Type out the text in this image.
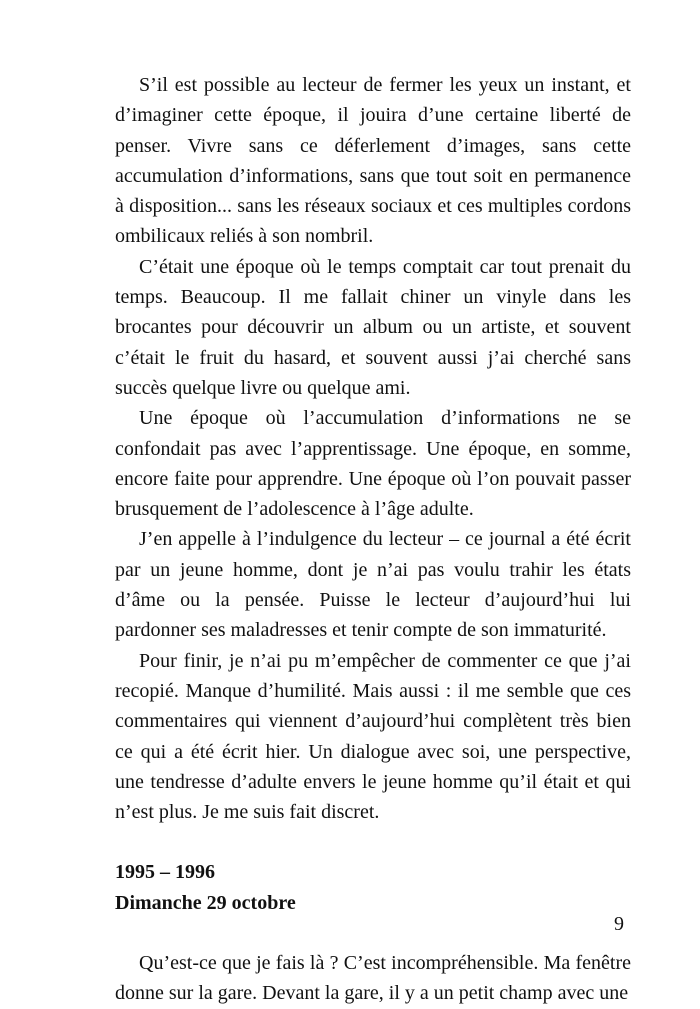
S’il est possible au lecteur de fermer les yeux un instant, et d’imaginer cette époque, il jouira d’une certaine liberté de penser. Vivre sans ce déferlement d’images, sans cette accumulation d’informations, sans que tout soit en permanence à disposition... sans les réseaux sociaux et ces multiples cordons ombilicaux reliés à son nombril.

C’était une époque où le temps comptait car tout prenait du temps. Beaucoup. Il me fallait chiner un vinyle dans les brocantes pour découvrir un album ou un artiste, et souvent c’était le fruit du hasard, et souvent aussi j’ai cherché sans succès quelque livre ou quelque ami.

Une époque où l’accumulation d’informations ne se confondait pas avec l’apprentissage. Une époque, en somme, encore faite pour apprendre. Une époque où l’on pouvait passer brusquement de l’adolescence à l’âge adulte.

J’en appelle à l’indulgence du lecteur – ce journal a été écrit par un jeune homme, dont je n’ai pas voulu trahir les états d’âme ou la pensée. Puisse le lecteur d’aujourd’hui lui pardonner ses maladresses et tenir compte de son immaturité.

Pour finir, je n’ai pu m’empêcher de commenter ce que j’ai recopié. Manque d’humilité. Mais aussi : il me semble que ces commentaires qui viennent d’aujourd’hui complètent très bien ce qui a été écrit hier. Un dialogue avec soi, une perspective, une tendresse d’adulte envers le jeune homme qu’il était et qui n’est plus. Je me suis fait discret.

1995 – 1996

Dimanche 29 octobre

Qu’est-ce que je fais là ? C’est incompréhensible. Ma fenêtre donne sur la gare. Devant la gare, il y a un petit champ avec une

9
